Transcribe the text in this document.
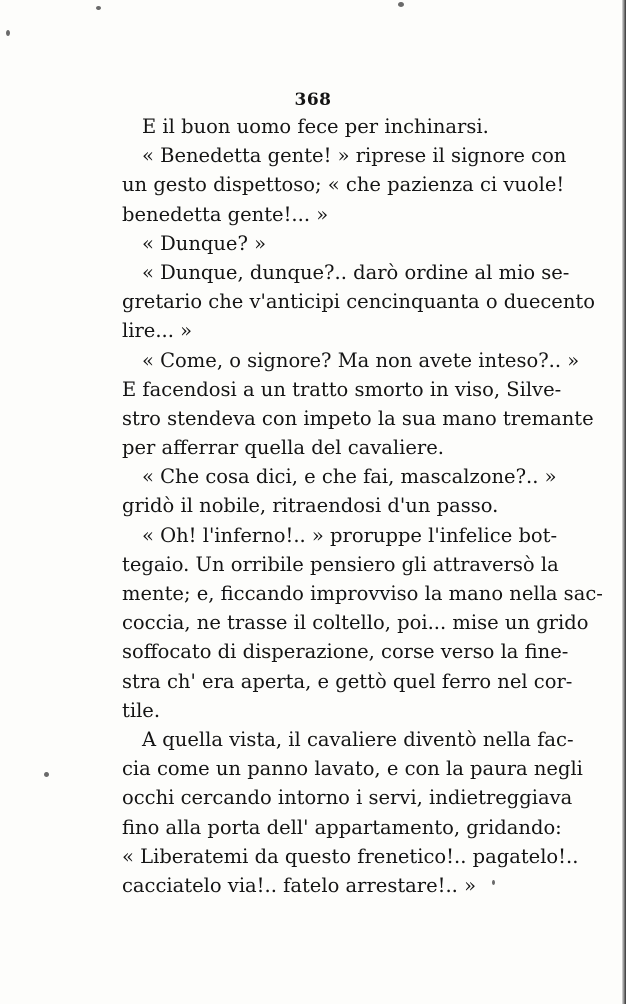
368
E il buon uomo fece per inchinarsi.
« Benedetta gente! » riprese il signore con
un gesto dispettoso; « che pazienza ci vuole!
benedetta gente!... »
« Dunque? »
« Dunque, dunque?.. darò ordine al mio se-
gretario che v'anticipi cencinquanta o duecento
lire... »
« Come, o signore? Ma non avete inteso?.. »
E facendosi a un tratto smorto in viso, Silve-
stro stendeva con impeto la sua mano tremante
per afferrar quella del cavaliere.
« Che cosa dici, e che fai, mascalzone?.. »
gridò il nobile, ritraendosi d'un passo.
« Oh! l'inferno!.. » proruppe l'infelice bot-
tegaio. Un orribile pensiero gli attraversò la
mente; e, ficcando improvviso la mano nella sac-
coccia, ne trasse il coltello, poi... mise un grido
soffocato di disperazione, corse verso la fine-
stra ch' era aperta, e gettò quel ferro nel cor-
tile.
A quella vista, il cavaliere diventò nella fac-
cia come un panno lavato, e con la paura negli
occhi cercando intorno i servi, indietreggiava
fino alla porta dell' appartamento, gridando:
« Liberatemi da questo frenetico!.. pagatelo!..
cacciatelo via!.. fatelo arrestare!.. »
